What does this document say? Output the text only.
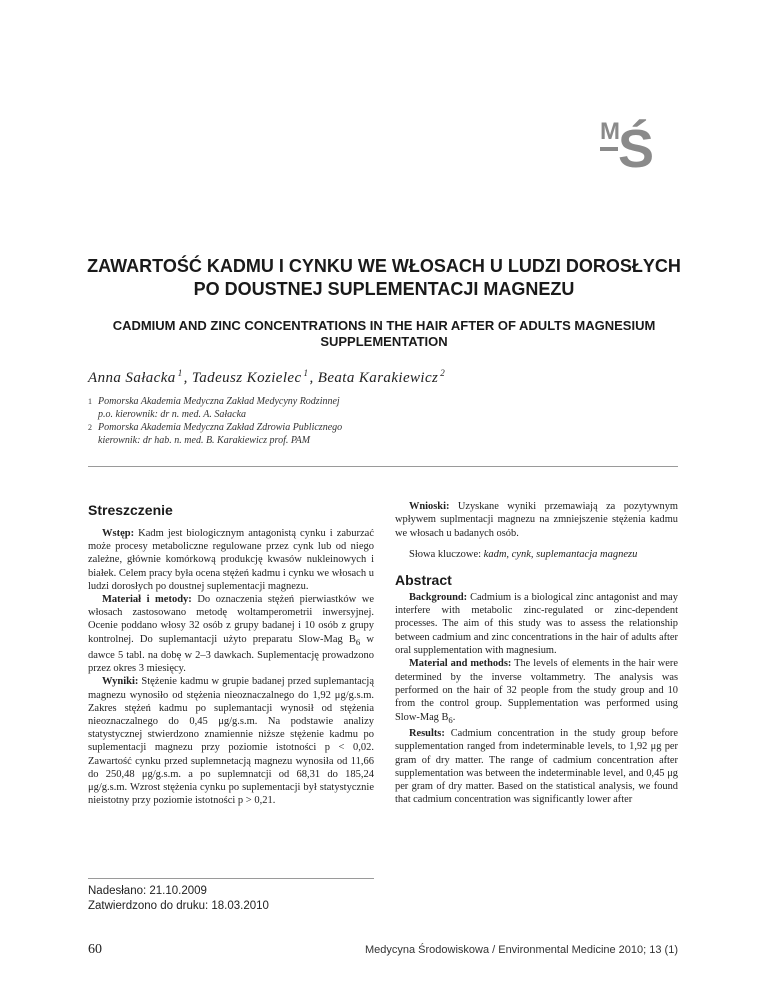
M
Ś
ZAWARTOŚĆ KADMU I CYNKU WE WŁOSACH U LUDZI DOROSŁYCH
PO DOUSTNEJ SUPLEMENTACJI MAGNEZU
CADMIUM AND ZINC CONCENTRATIONS IN THE HAIR AFTER OF ADULTS MAGNESIUM
SUPPLEMENTATION

Anna Sałacka $^1$, Tadeusz Kozielec $^1$, Beata Karakiewicz $^2$

1 Pomorska Akademia Medyczna Zakład Medycyny Rodzinnej
p.o. kierownik: dr n. med. A. Sałacka
2 Pomorska Akademia Medyczna Zakład Zdrowia Publicznego
kierownik: dr hab. n. med. B. Karakiewicz prof. PAM
Streszczenie

Wstęp: Kadm jest biologicznym antagonistą cynku i zaburzać może procesy metaboliczne regulowane przez cynk lub od niego zależne, głównie komórkową produkcję kwasów nukleinowych i białek. Celem pracy była ocena stężeń kadmu i cynku we włosach u ludzi dorosłych po doustnej suplementacji magnezu.

Materiał i metody: Do oznaczenia stężeń pierwiastków we włosach zastosowano metodę woltamperometrii inwersyjnej. Ocenie poddano włosy 32 osób z grupy badanej i 10 osób z grupy kontrolnej. Do suplemantacji użyto preparatu Slow-Mag $B_6$ w dawce 5 tabl. na dobę w 2–3 dawkach. Suplementację prowadzono przez okres 3 miesięcy.

Wyniki: Stężenie kadmu w grupie badanej przed suplemantacją magnezu wynosiło od stężenia nieoznaczalnego do 1,92 μg/g.s.m. Zakres stężeń kadmu po suplemantacji wynosił od stężenia nieoznaczalnego do 0,45 μg/g.s.m. Na podstawie analizy statystycznej stwierdzono znamiennie niższe stężenie kadmu po suplementacji magnezu przy poziomie istotności p < 0,02. Zawartość cynku przed suplemnetacją magnezu wynosiła od 11,66 do 250,48 μg/g.s.m. a po suplemnatcji od 68,31 do 185,24 μg/g.s.m. Wzrost stężenia cynku po suplementacji był statystycznie nieistotny przy poziomie istotności p > 0,21.

Wnioski: Uzyskane wyniki przemawiają za pozytywnym wpływem suplmentacji magnezu na zmniejszenie stężenia kadmu we włosach u badanych osób.

Słowa kluczowe: kadm, cynk, suplemantacja magnezu

Abstract

Background: Cadmium is a biological zinc antagonist and may interfere with metabolic zinc-regulated or zinc-dependent processes. The aim of this study was to assess the relationship between cadmium and zinc concentrations in the hair of adults after oral supplementation with magnesium.

Material and methods: The levels of elements in the hair were determined by the inverse voltammetry. The analysis was performed on the hair of 32 people from the study group and 10 from the control group. Supplementation was performed using Slow-Mag $B_6$.

Results: Cadmium concentration in the study group before supplementation ranged from indeterminable levels, to 1,92 μg per gram of dry matter. The range of cadmium concentration after supplementation was between the indeterminable level, and 0,45 μg per gram of dry matter. Based on the statistical analysis, we found that cadmium concentration was significantly lower after

Nadesłano: 21.10.2009
Zatwierdzono do druku: 18.03.2010
60	Medycyna Środowiskowa / Environmental Medicine 2010; 13 (1)
